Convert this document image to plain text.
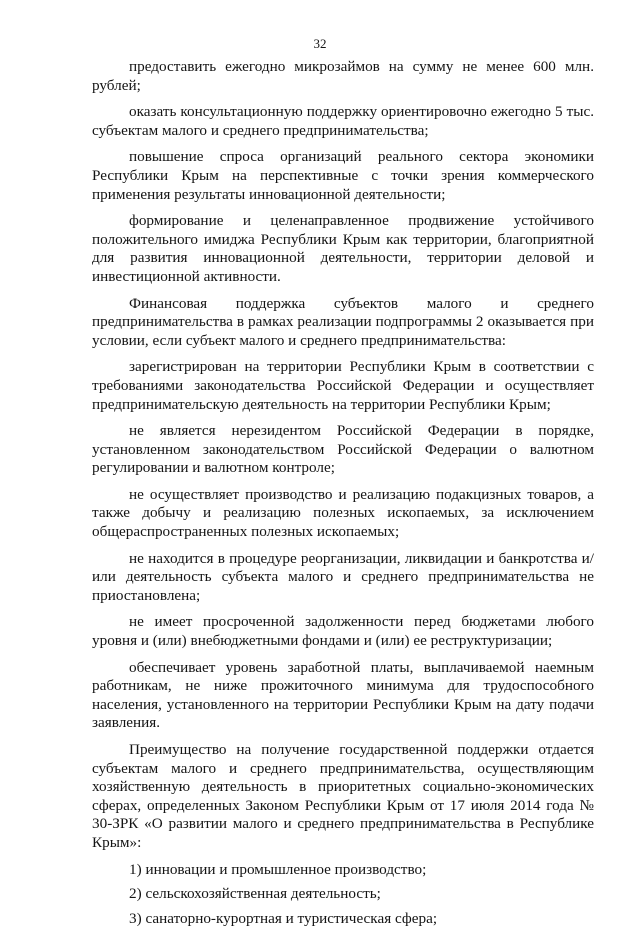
32

предоставить ежегодно микрозаймов на сумму не менее 600 млн. рублей;

оказать консультационную поддержку ориентировочно ежегодно 5 тыс. субъектам малого и среднего предпринимательства;

повышение спроса организаций реального сектора экономики Республики Крым на перспективные с точки зрения коммерческого применения результаты инновационной деятельности;

формирование и целенаправленное продвижение устойчивого положительного имиджа Республики Крым как территории, благоприятной для развития инновационной деятельности, территории деловой и инвестиционной активности.

Финансовая поддержка субъектов малого и среднего предпринимательства в рамках реализации подпрограммы 2 оказывается при условии, если субъект малого и среднего предпринимательства:

зарегистрирован на территории Республики Крым в соответствии с требованиями законодательства Российской Федерации и осуществляет предпринимательскую деятельность на территории Республики Крым;

не является нерезидентом Российской Федерации в порядке, установленном законодательством Российской Федерации о валютном регулировании и валютном контроле;

не осуществляет производство и реализацию подакцизных товаров, а также добычу и реализацию полезных ископаемых, за исключением общераспространенных полезных ископаемых;

не находится в процедуре реорганизации, ликвидации и банкротства и/или деятельность субъекта малого и среднего предпринимательства не приостановлена;

не имеет просроченной задолженности перед бюджетами любого уровня и (или) внебюджетными фондами и (или) ее реструктуризации;

обеспечивает уровень заработной платы, выплачиваемой наемным работникам, не ниже прожиточного минимума для трудоспособного населения, установленного на территории Республики Крым на дату подачи заявления.

Преимущество на получение государственной поддержки отдается субъектам малого и среднего предпринимательства, осуществляющим хозяйственную деятельность в приоритетных социально-экономических сферах, определенных Законом Республики Крым от 17 июля 2014 года № 30-ЗРК «О развитии малого и среднего предпринимательства в Республике Крым»:

1) инновации и промышленное производство;

2) сельскохозяйственная деятельность;

3) санаторно-курортная и туристическая сфера;
